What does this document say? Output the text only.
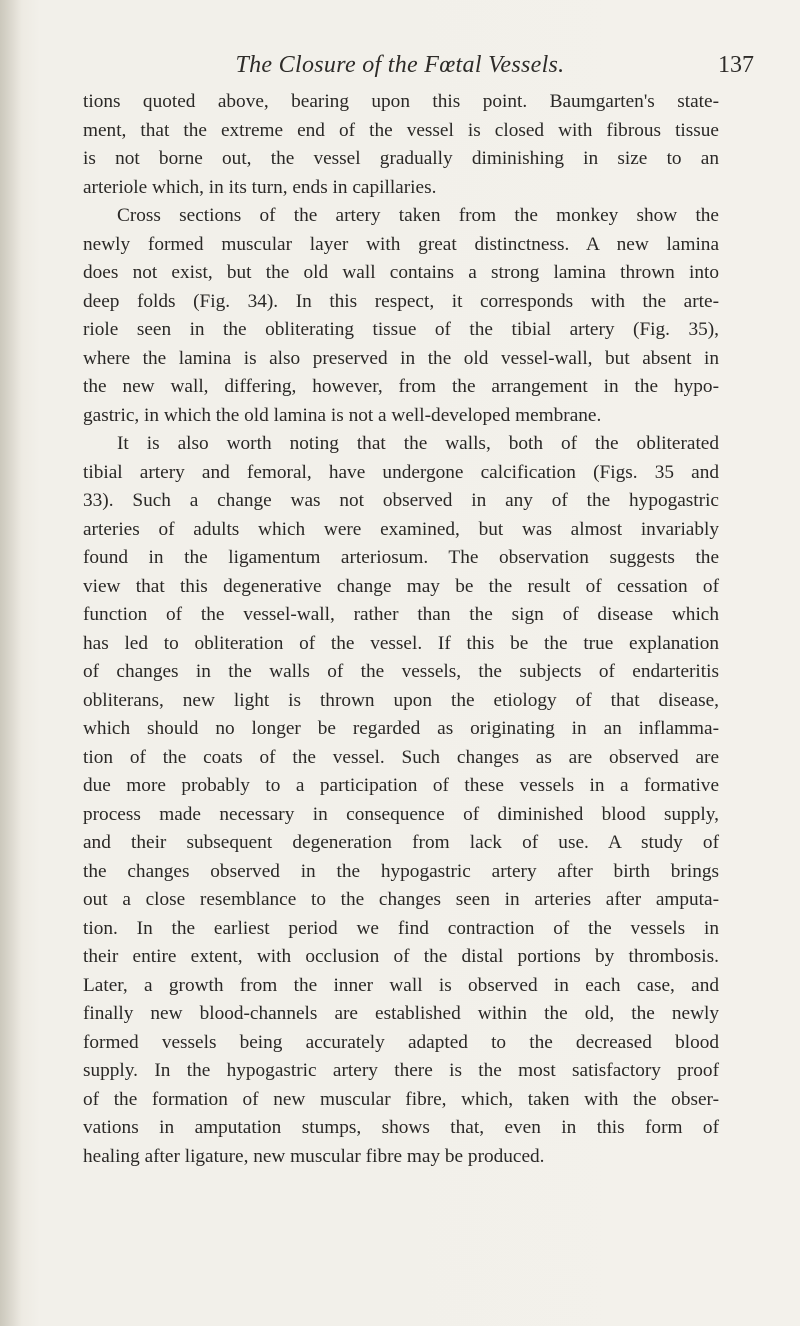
The Closure of the Fœtal Vessels.	137
tions quoted above, bearing upon this point. Baumgarten's state-
ment, that the extreme end of the vessel is closed with fibrous tissue
is not borne out, the vessel gradually diminishing in size to an
arteriole which, in its turn, ends in capillaries.
Cross sections of the artery taken from the monkey show the
newly formed muscular layer with great distinctness. A new lamina
does not exist, but the old wall contains a strong lamina thrown into
deep folds (Fig. 34). In this respect, it corresponds with the arte-
riole seen in the obliterating tissue of the tibial artery (Fig. 35),
where the lamina is also preserved in the old vessel-wall, but absent in
the new wall, differing, however, from the arrangement in the hypo-
gastric, in which the old lamina is not a well-developed membrane.
It is also worth noting that the walls, both of the obliterated
tibial artery and femoral, have undergone calcification (Figs. 35 and
33). Such a change was not observed in any of the hypogastric
arteries of adults which were examined, but was almost invariably
found in the ligamentum arteriosum. The observation suggests the
view that this degenerative change may be the result of cessation of
function of the vessel-wall, rather than the sign of disease which
has led to obliteration of the vessel. If this be the true explanation
of changes in the walls of the vessels, the subjects of endarteritis
obliterans, new light is thrown upon the etiology of that disease,
which should no longer be regarded as originating in an inflamma-
tion of the coats of the vessel. Such changes as are observed are
due more probably to a participation of these vessels in a formative
process made necessary in consequence of diminished blood supply,
and their subsequent degeneration from lack of use. A study of
the changes observed in the hypogastric artery after birth brings
out a close resemblance to the changes seen in arteries after amputa-
tion. In the earliest period we find contraction of the vessels in
their entire extent, with occlusion of the distal portions by thrombosis.
Later, a growth from the inner wall is observed in each case, and
finally new blood-channels are established within the old, the newly
formed vessels being accurately adapted to the decreased blood
supply. In the hypogastric artery there is the most satisfactory proof
of the formation of new muscular fibre, which, taken with the obser-
vations in amputation stumps, shows that, even in this form of
healing after ligature, new muscular fibre may be produced.
